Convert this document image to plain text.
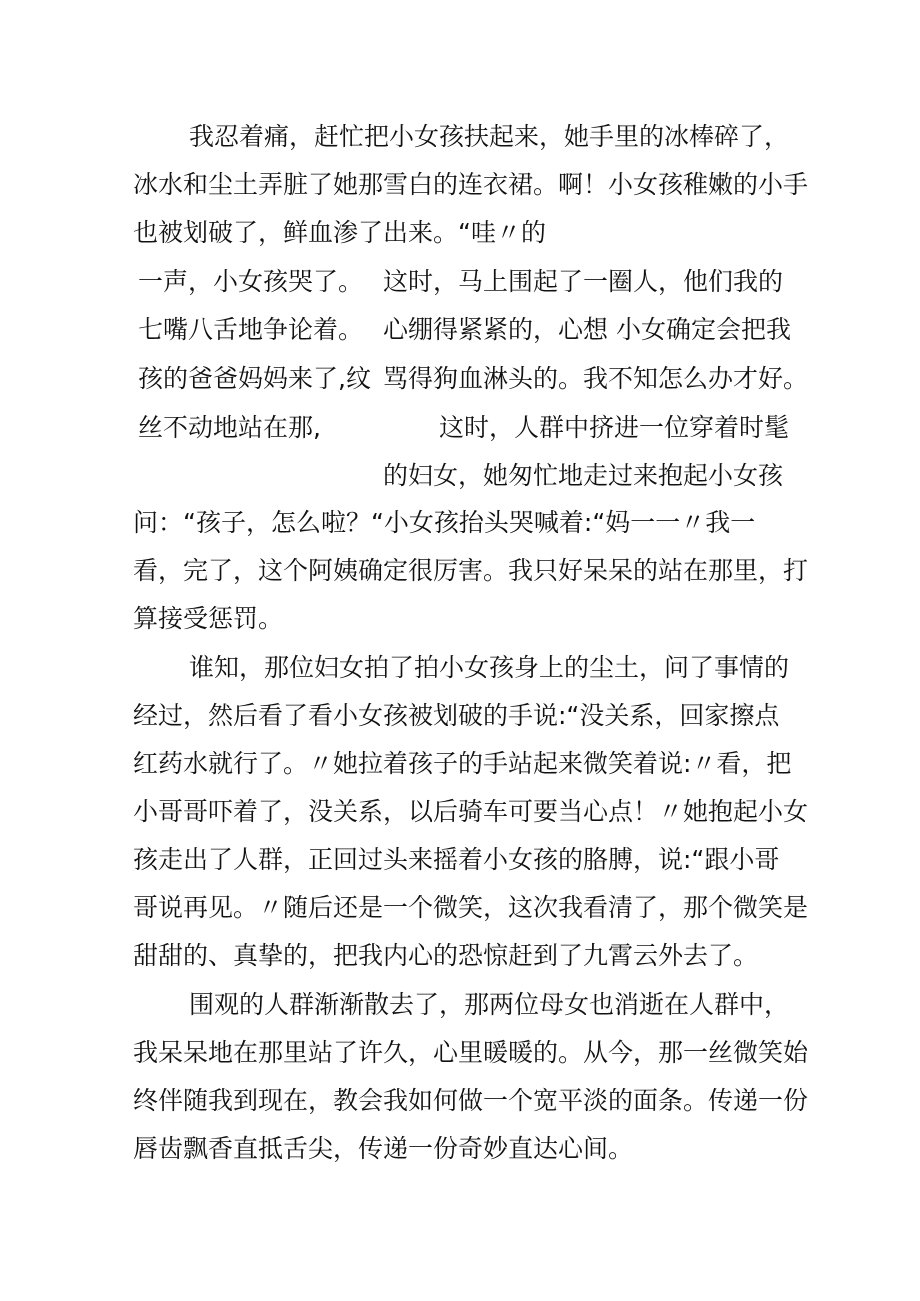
我忍着痛，赶忙把小女孩扶起来，她手里的冰棒碎了，
冰水和尘土弄脏了她那雪白的连衣裙。啊！小女孩稚嫩的小手
也被划破了，鲜血渗了出来。“哇〃的
一声，小女孩哭了。
七嘴八舌地争论着。
孩的爸爸妈妈来了,纹
丝不动地站在那,
这时，马上围起了一圈人，他们我的
心绷得紧紧的，心想 小女确定会把我
骂得狗血淋头的。我不知怎么办才好。
这时，人群中挤进一位穿着时髦
的妇女，她匆忙地走过来抱起小女孩
问：“孩子，怎么啦？“小女孩抬头哭喊着:“妈一一〃我一
看，完了，这个阿姨确定很厉害。我只好呆呆的站在那里，打
算接受惩罚。
谁知，那位妇女拍了拍小女孩身上的尘土，问了事情的
经过，然后看了看小女孩被划破的手说:“没关系，回家擦点
红药水就行了。〃她拉着孩子的手站起来微笑着说:〃看，把
小哥哥吓着了，没关系，以后骑车可要当心点！〃她抱起小女
孩走出了人群，正回过头来摇着小女孩的胳膊，说:“跟小哥
哥说再见。〃随后还是一个微笑，这次我看清了，那个微笑是
甜甜的、真挚的，把我内心的恐惊赶到了九霄云外去了。
围观的人群渐渐散去了，那两位母女也消逝在人群中，
我呆呆地在那里站了许久，心里暖暖的。从今，那一丝微笑始
终伴随我到现在，教会我如何做一个宽平淡的面条。传递一份
唇齿飘香直抵舌尖，传递一份奇妙直达心间。
